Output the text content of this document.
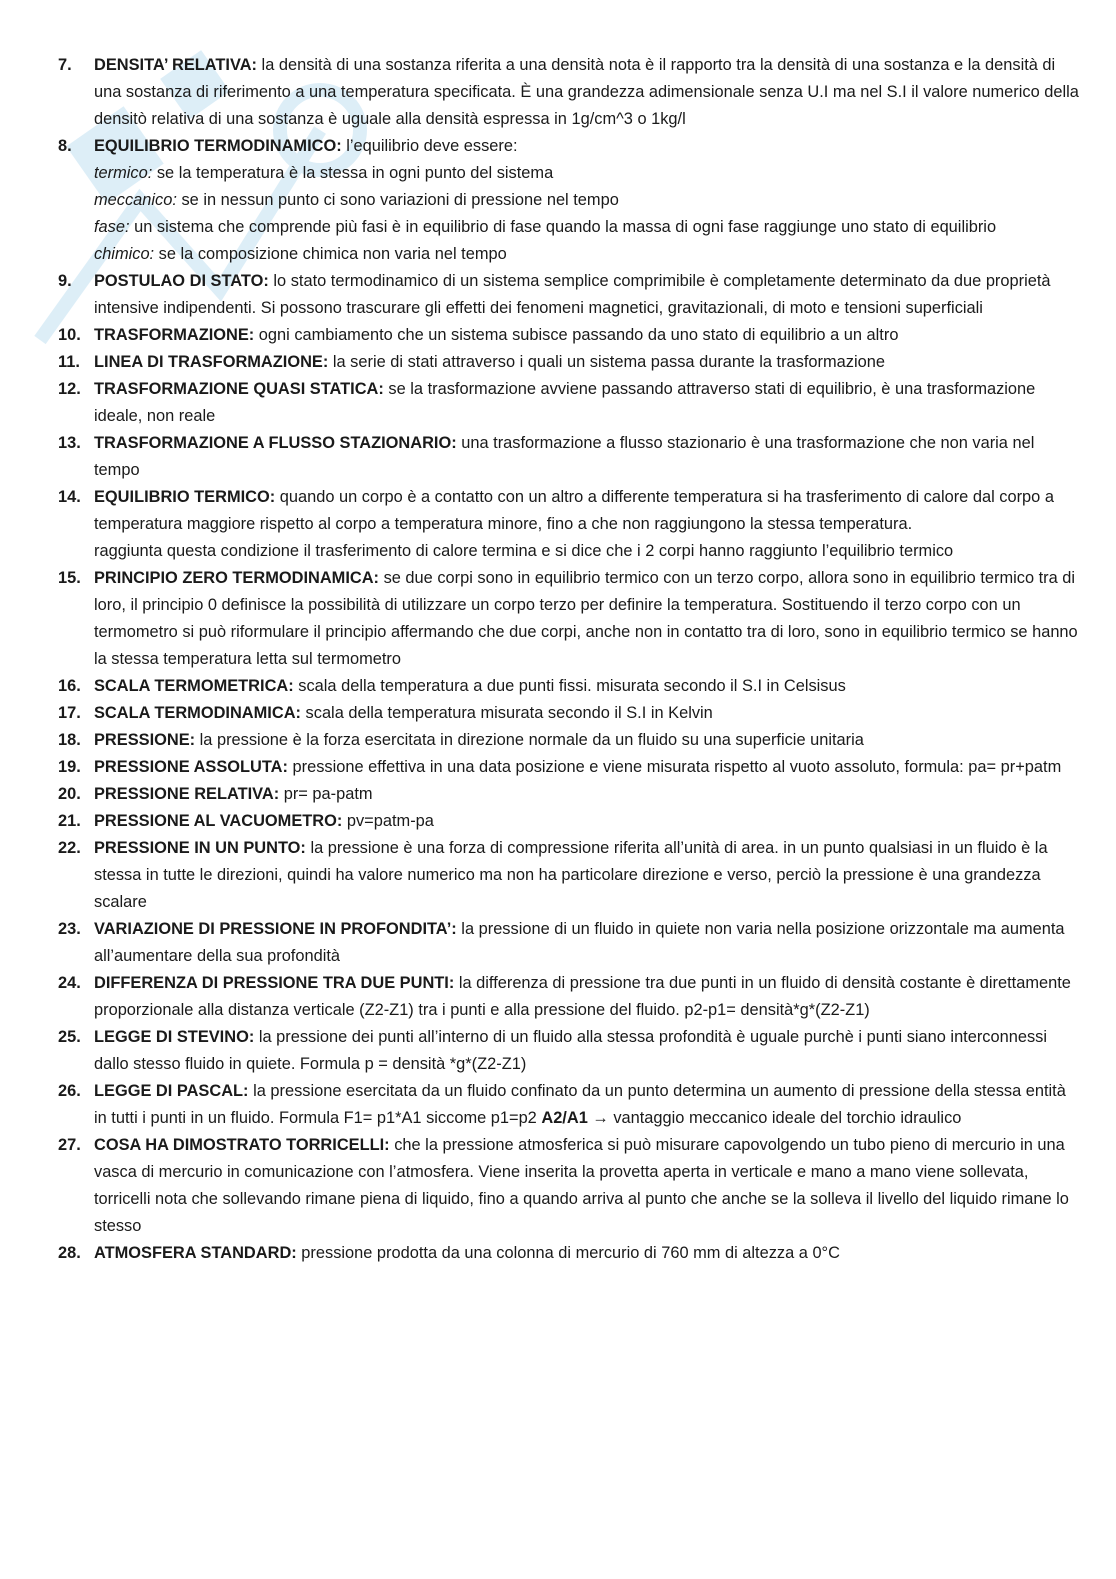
7.	DENSITA’ RELATIVA: la densità di una sostanza riferita a una densità nota è il rapporto tra la densità di una sostanza e la densità di una sostanza di riferimento a una temperatura specificata. È una grandezza adimensionale senza U.I ma nel S.I il valore numerico della densitò relativa di una sostanza è uguale alla densità espressa in 1g/cm^3 o 1kg/l
8.	EQUILIBRIO TERMODINAMICO: l’equilibrio deve essere:
termico: se la temperatura è la stessa in ogni punto del sistema
meccanico: se in nessun punto ci sono variazioni di pressione nel tempo
fase: un sistema che comprende più fasi è in equilibrio di fase quando la massa di ogni fase raggiunge uno stato di equilibrio
chimico: se la composizione chimica non varia nel tempo
9.	POSTULAO DI STATO: lo stato termodinamico di un sistema semplice comprimibile è completamente determinato da due proprietà intensive indipendenti. Si possono trascurare gli effetti dei fenomeni magnetici, gravitazionali, di moto e tensioni superficiali
10. TRASFORMAZIONE: ogni cambiamento che un sistema subisce passando da uno stato di equilibrio a un altro
11. LINEA DI TRASFORMAZIONE: la serie di stati attraverso i quali un sistema passa durante la trasformazione
12. TRASFORMAZIONE QUASI STATICA: se la trasformazione avviene passando attraverso stati di equilibrio, è una trasformazione ideale, non reale
13. TRASFORMAZIONE A FLUSSO STAZIONARIO: una trasformazione a flusso stazionario è una trasformazione che non varia nel tempo
14. EQUILIBRIO TERMICO: quando un corpo è a contatto con un altro a differente temperatura si ha trasferimento di calore dal corpo a temperatura maggiore rispetto al corpo a temperatura minore, fino a che non raggiungono la stessa temperatura.
raggiunta questa condizione il trasferimento di calore termina e si dice che i 2 corpi hanno raggiunto l’equilibrio termico
15. PRINCIPIO ZERO TERMODINAMICA: se due corpi sono in equilibrio termico con un terzo corpo, allora sono in equilibrio termico tra di loro, il principio 0 definisce la possibilità di utilizzare un corpo terzo per definire la temperatura. Sostituendo il terzo corpo con un termometro si può riformulare il principio affermando che due corpi, anche non in contatto tra di loro, sono in equilibrio termico se hanno la stessa temperatura letta sul termometro
16. SCALA TERMOMETRICA: scala della temperatura a due punti fissi. misurata secondo il S.I in Celsisus
17. SCALA TERMODINAMICA: scala della temperatura misurata secondo il S.I in Kelvin
18. PRESSIONE: la pressione è la forza esercitata in direzione normale da un fluido su una superficie unitaria
19. PRESSIONE ASSOLUTA: pressione effettiva in una data posizione e viene misurata rispetto al vuoto assoluto, formula: pa= pr+patm
20. PRESSIONE RELATIVA: pr= pa-patm
21. PRESSIONE AL VACUOMETRO: pv=patm-pa
22. PRESSIONE IN UN PUNTO: la pressione è una forza di compressione riferita all’unità di area. in un punto qualsiasi in un fluido è la stessa in tutte le direzioni, quindi ha valore numerico ma non ha particolare direzione e verso, perciò la pressione è una grandezza scalare
23. VARIAZIONE DI PRESSIONE IN PROFONDITA’: la pressione di un fluido in quiete non varia nella posizione orizzontale ma aumenta all’aumentare della sua profondità
24. DIFFERENZA DI PRESSIONE TRA DUE PUNTI: la differenza di pressione tra due punti in un fluido di densità costante è direttamente proporzionale alla distanza verticale (Z2-Z1) tra i punti e alla pressione del fluido. p2-p1= densità*g*(Z2-Z1)
25. LEGGE DI STEVINO: la pressione dei punti all’interno di un fluido alla stessa profondità è uguale purchè i punti siano interconnessi dallo stesso fluido in quiete. Formula p = densità *g*(Z2-Z1)
26. LEGGE DI PASCAL: la pressione esercitata da un fluido confinato da un punto determina un aumento di pressione della stessa entità in tutti i punti in un fluido. Formula F1= p1*A1 siccome p1=p2 A2/A1 → vantaggio meccanico ideale del torchio idraulico
27. COSA HA DIMOSTRATO TORRICELLI: che la pressione atmosferica si può misurare capovolgendo un tubo pieno di mercurio in una vasca di mercurio in comunicazione con l’atmosfera. Viene inserita la provetta aperta in verticale e mano a mano viene sollevata, torricelli nota che sollevando rimane piena di liquido, fino a quando arriva al punto che anche se la solleva il livello del liquido rimane lo stesso
28. ATMOSFERA STANDARD: pressione prodotta da una colonna di mercurio di 760 mm di altezza a 0°C
